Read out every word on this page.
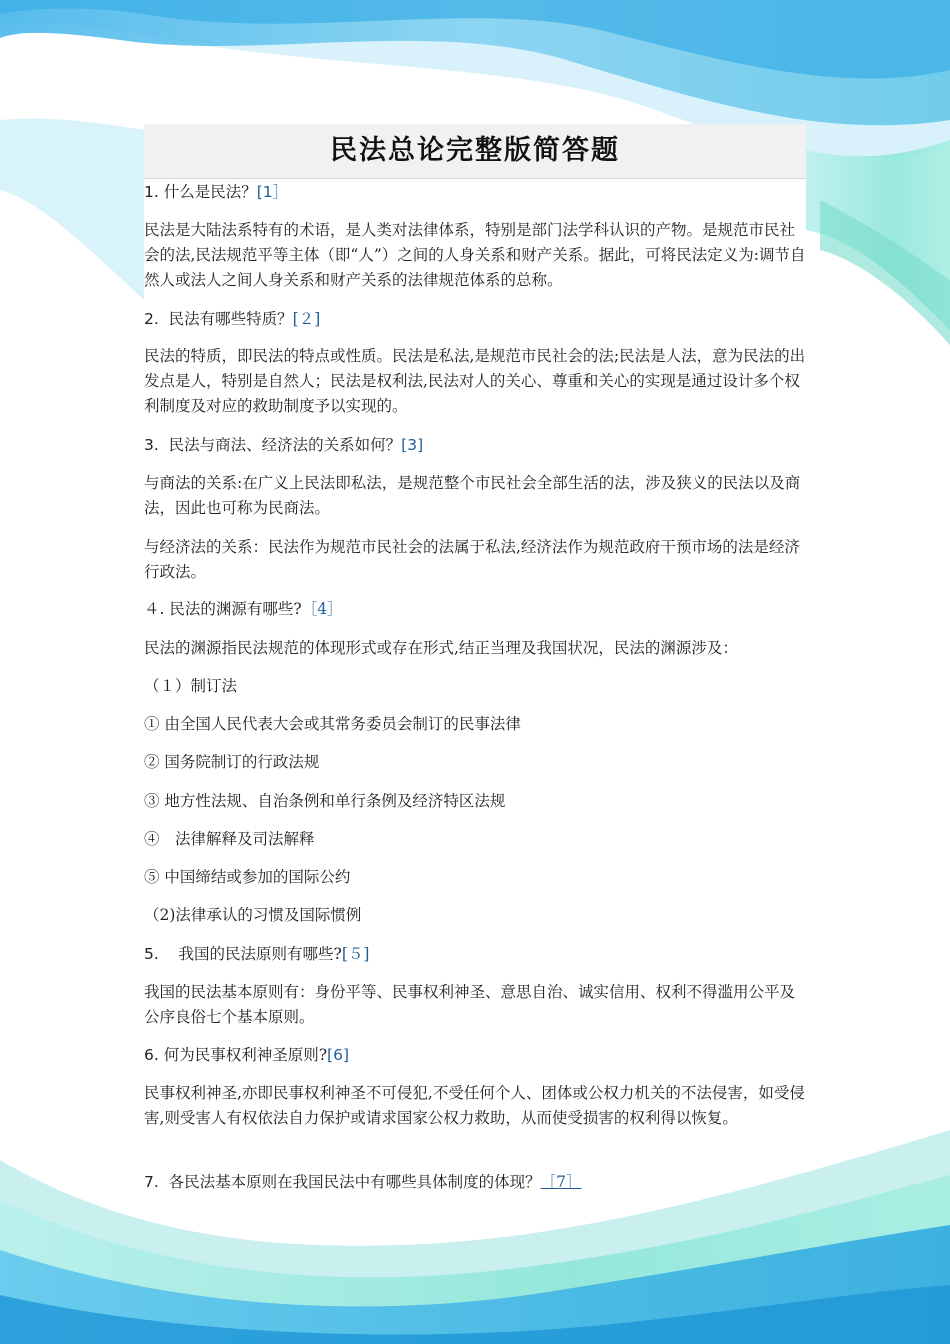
民法总论完整版简答题
1. 什么是民法？[1］
民法是大陆法系特有的术语，是人类对法律体系，特别是部门法学科认识的产物。是规范市民社会的法,民法规范平等主体（即“人”）之间的人身关系和财产关系。据此，可将民法定义为:调节自然人或法人之间人身关系和财产关系的法律规范体系的总称。
2.  民法有哪些特质？[２]
民法的特质，即民法的特点或性质。民法是私法,是规范市民社会的法;民法是人法，意为民法的出发点是人，特别是自然人；民法是权利法,民法对人的关心、尊重和关心的实现是通过设计多个权利制度及对应的救助制度予以实现的。
3.  民法与商法、经济法的关系如何？[3]
与商法的关系:在广义上民法即私法，是规范整个市民社会全部生活的法，涉及狭义的民法以及商法，因此也可称为民商法。
与经济法的关系：民法作为规范市民社会的法属于私法,经济法作为规范政府干预市场的法是经济行政法。
４. 民法的渊源有哪些?［4］
民法的渊源指民法规范的体现形式或存在形式,结正当理及我国状况，民法的渊源涉及：
（１）制订法
① 由全国人民代表大会或其常务委员会制订的民事法律
② 国务院制订的行政法规
③ 地方性法规、自治条例和单行条例及经济特区法规
④　法律解释及司法解释
⑤ 中国缔结或参加的国际公约
（2)法律承认的习惯及国际惯例
5.    我国的民法原则有哪些?[５]
我国的民法基本原则有：身份平等、民事权利神圣、意思自治、诚实信用、权利不得滥用公平及公序良俗七个基本原则。
6. 何为民事权利神圣原则?[6]
民事权利神圣,亦即民事权利神圣不可侵犯,不受任何个人、团体或公权力机关的不法侵害，如受侵害,则受害人有权依法自力保护或请求国家公权力救助，从而使受损害的权利得以恢复。
7.  各民法基本原则在我国民法中有哪些具体制度的体现？［7］
